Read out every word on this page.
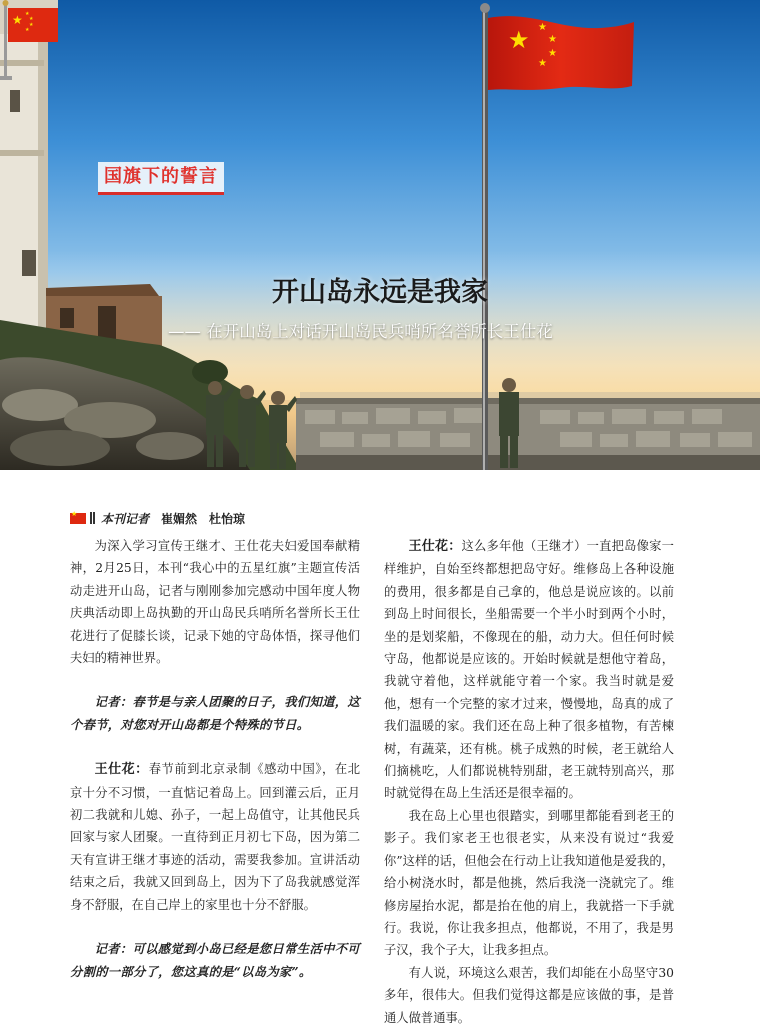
★ ★
★
★
★
★ ★
★
★
★
国旗下的誓言
开山岛永远是我家
—— 在开山岛上对话开山岛民兵哨所名誉所长王仕花
★
本刊记者 崔媚然　杜怡琼

为深入学习宣传王继才、王仕花夫妇爱国奉献精神，2月25日，本刊“我心中的五星红旗”主题宣传活动走进开山岛，记者与刚刚参加完感动中国年度人物庆典活动即上岛执勤的开山岛民兵哨所名誉所长王仕花进行了促膝长谈，记录下她的守岛体悟，探寻他们夫妇的精神世界。

记者：春节是与亲人团聚的日子，我们知道，这个春节，对您对开山岛都是个特殊的节日。

王仕花：春节前到北京录制《感动中国》，在北京十分不习惯，一直惦记着岛上。回到灌云后，正月初二我就和儿媳、孙子，一起上岛值守，让其他民兵回家与家人团聚。一直待到正月初七下岛，因为第二天有宣讲王继才事迹的活动，需要我参加。宣讲活动结束之后，我就又回到岛上，因为下了岛我就感觉浑身不舒服，在自己岸上的家里也十分不舒服。

记者：可以感觉到小岛已经是您日常生活中不可分割的一部分了，您这真的是“以岛为家”。

王仕花：这么多年他（王继才）一直把岛像家一样维护，自始至终都想把岛守好。维修岛上各种设施的费用，很多都是自己拿的，他总是说应该的。以前到岛上时间很长，坐船需要一个半小时到两个小时，坐的是划桨船，不像现在的船，动力大。但任何时候守岛，他都说是应该的。开始时候就是想他守着岛，我就守着他，这样就能守着一个家。我当时就是爱他，想有一个完整的家才过来，慢慢地，岛真的成了我们温暖的家。我们还在岛上种了很多植物，有苦楝树，有蔬菜，还有桃。桃子成熟的时候，老王就给人们摘桃吃，人们都说桃特别甜，老王就特别高兴，那时就觉得在岛上生活还是很幸福的。

我在岛上心里也很踏实，到哪里都能看到老王的影子。我们家老王也很老实，从来没有说过“我爱你”这样的话，但他会在行动上让我知道他是爱我的，给小树浇水时，都是他挑，然后我浇一浇就完了。维修房屋抬水泥，都是抬在他的肩上，我就搭一下手就行。我说，你让我多担点，他都说，不用了，我是男子汉，我个子大，让我多担点。

有人说，环境这么艰苦，我们却能在小岛坚守30多年，很伟大。但我们觉得这都是应该做的事，是普通人做普通事。
